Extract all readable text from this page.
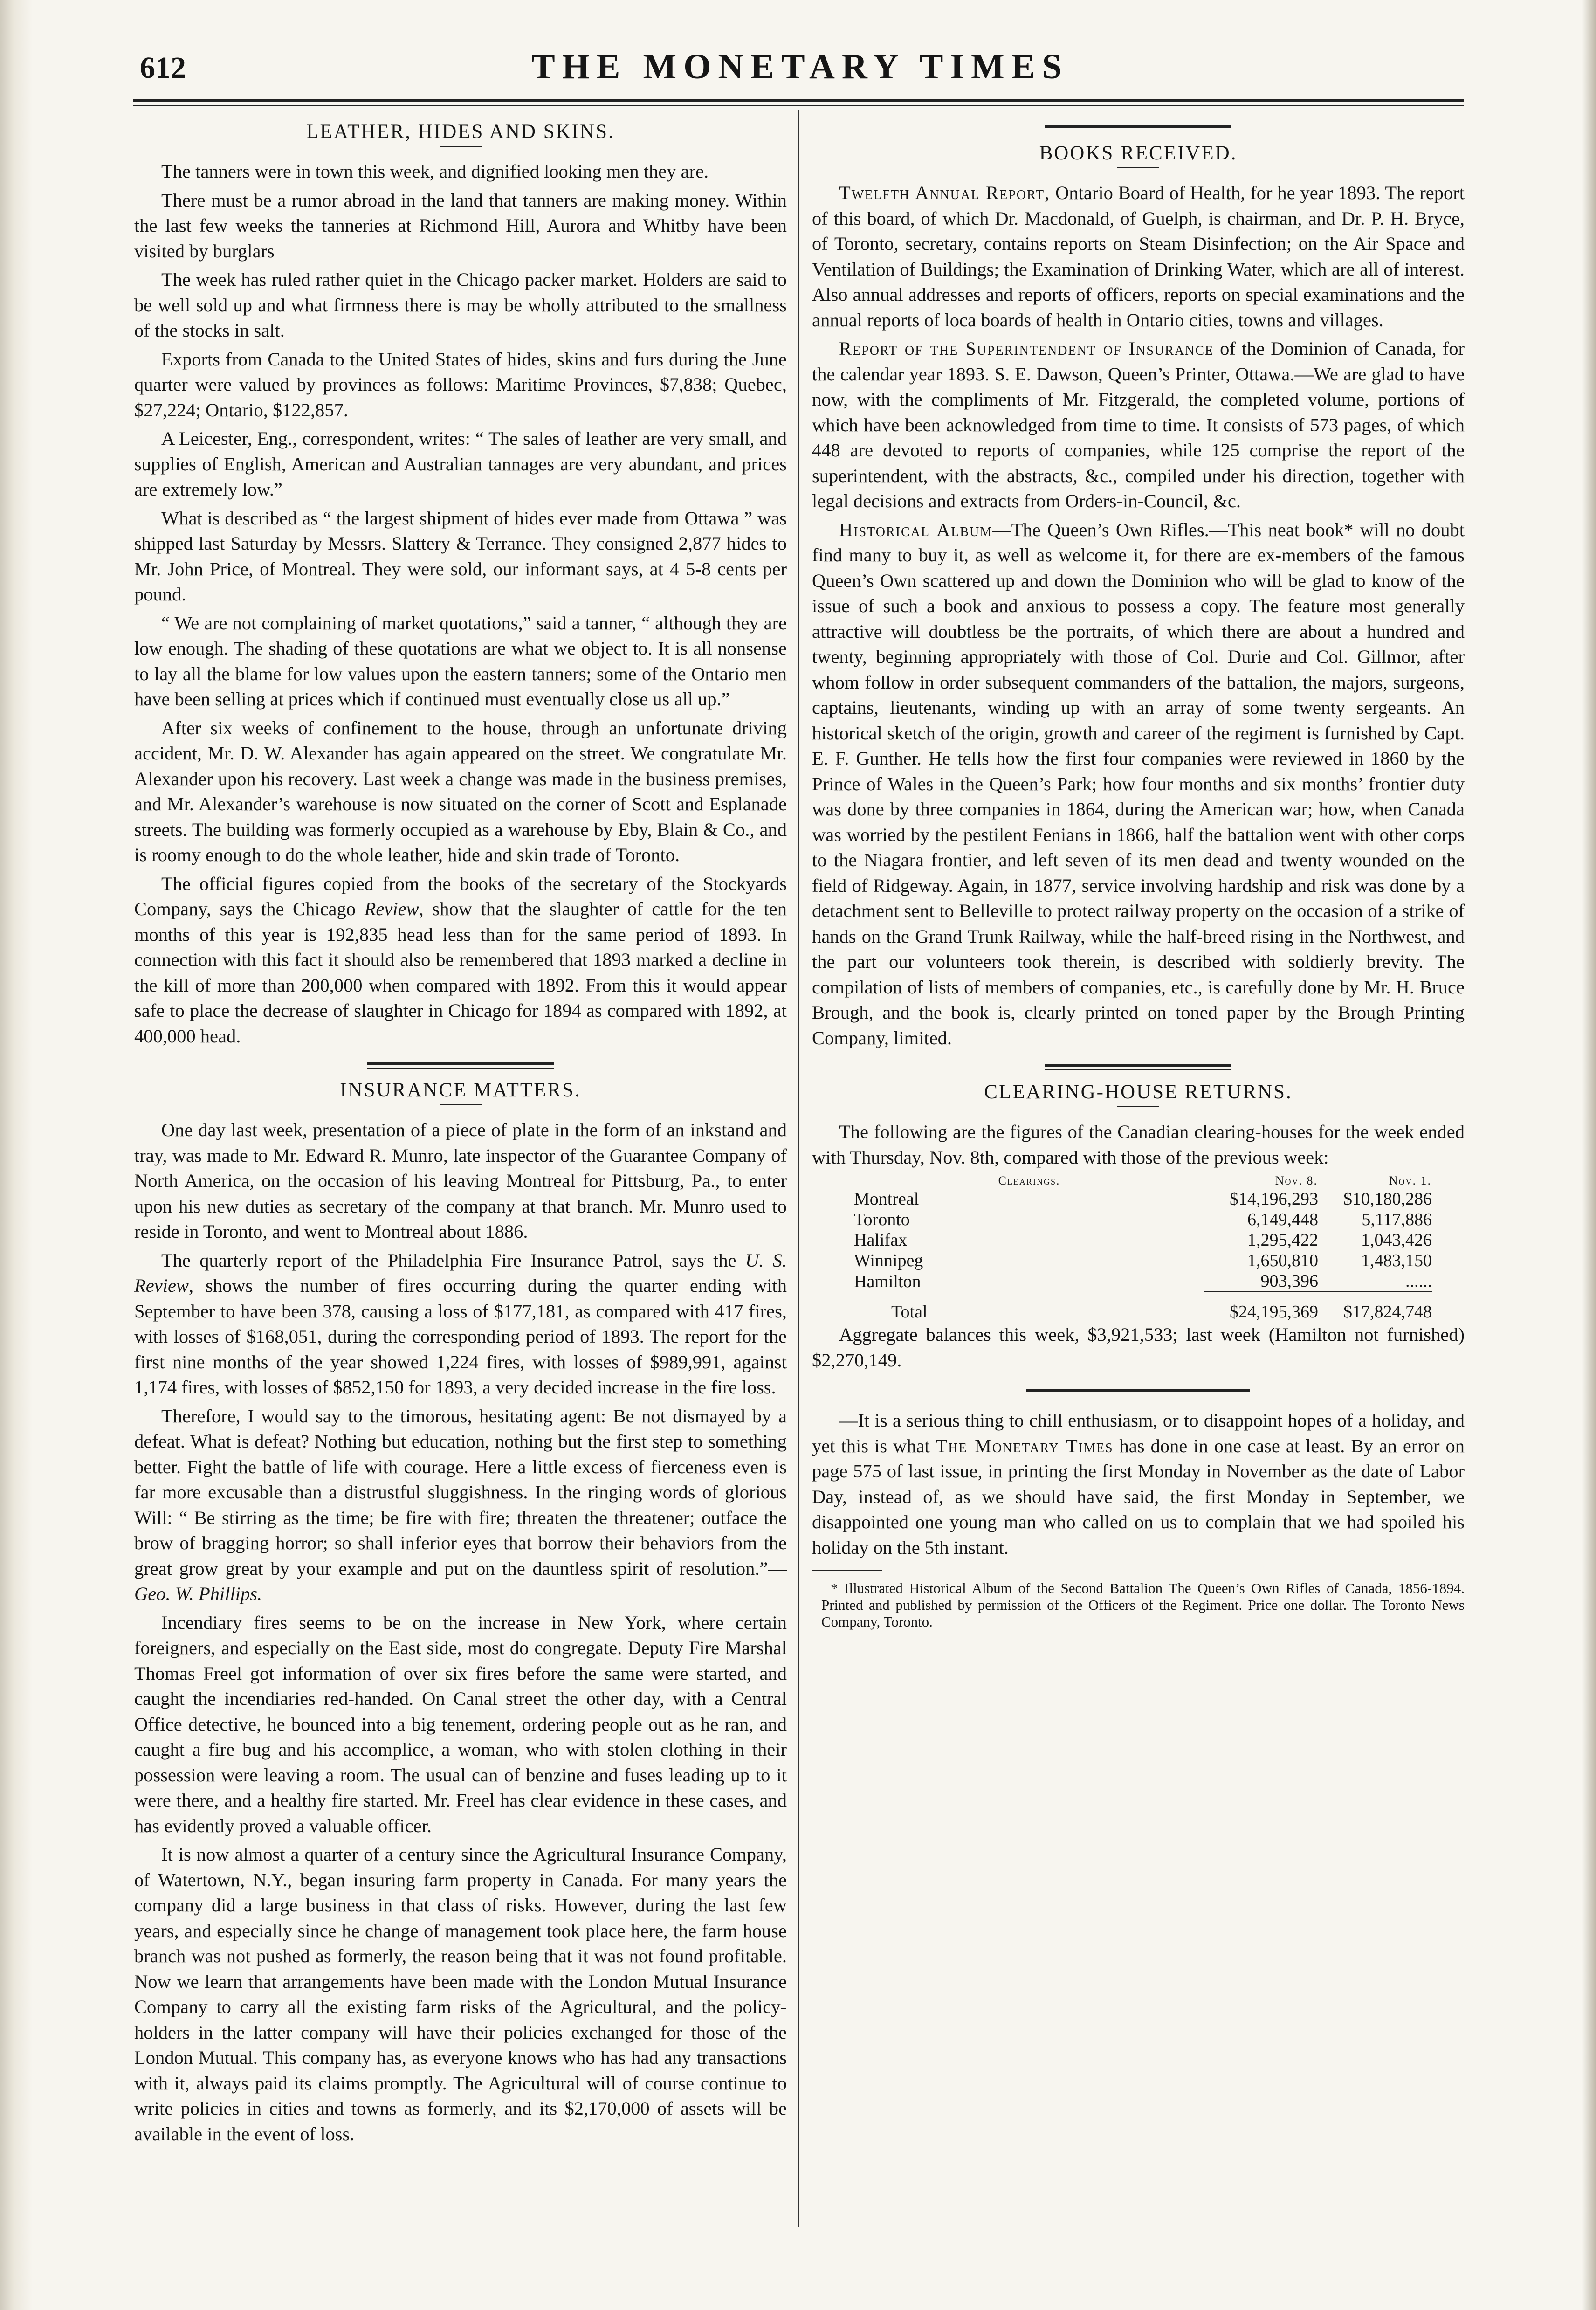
612	THE MONETARY TIMES
LEATHER, HIDES AND SKINS.

The tanners were in town this week, and dignified looking men they are.

There must be a rumor abroad in the land that tanners are making money. Within the last few weeks the tanneries at Richmond Hill, Aurora and Whitby have been visited by burglars

The week has ruled rather quiet in the Chicago packer market. Holders are said to be well sold up and what firmness there is may be wholly attributed to the smallness of the stocks in salt.

Exports from Canada to the United States of hides, skins and furs during the June quarter were valued by provinces as follows: Maritime Provinces, $7,838; Quebec, $27,224; Ontario, $122,857.

A Leicester, Eng., correspondent, writes: “ The sales of leather are very small, and supplies of English, American and Australian tannages are very abundant, and prices are extremely low.”

What is described as “ the largest shipment of hides ever made from Ottawa ” was shipped last Saturday by Messrs. Slattery & Terrance. They consigned 2,877 hides to Mr. John Price, of Montreal. They were sold, our informant says, at 4 5-8 cents per pound.

“ We are not complaining of market quotations,” said a tanner, “ although they are low enough. The shading of these quotations are what we object to. It is all nonsense to lay all the blame for low values upon the eastern tanners; some of the Ontario men have been selling at prices which if continued must eventually close us all up.”

After six weeks of confinement to the house, through an unfortunate driving accident, Mr. D. W. Alexander has again appeared on the street. We congratulate Mr. Alexander upon his recovery. Last week a change was made in the business premises, and Mr. Alexander’s warehouse is now situated on the corner of Scott and Esplanade streets. The building was formerly occupied as a warehouse by Eby, Blain & Co., and is roomy enough to do the whole leather, hide and skin trade of Toronto.

The official figures copied from the books of the secretary of the Stockyards Company, says the Chicago Review, show that the slaughter of cattle for the ten months of this year is 192,835 head less than for the same period of 1893. In connection with this fact it should also be remembered that 1893 marked a decline in the kill of more than 200,000 when compared with 1892. From this it would appear safe to place the decrease of slaughter in Chicago for 1894 as compared with 1892, at 400,000 head.

INSURANCE MATTERS.

One day last week, presentation of a piece of plate in the form of an inkstand and tray, was made to Mr. Edward R. Munro, late inspector of the Guarantee Company of North America, on the occasion of his leaving Montreal for Pittsburg, Pa., to enter upon his new duties as secretary of the company at that branch. Mr. Munro used to reside in Toronto, and went to Montreal about 1886.

The quarterly report of the Philadelphia Fire Insurance Patrol, says the U. S. Review, shows the number of fires occurring during the quarter ending with September to have been 378, causing a loss of $177,181, as compared with 417 fires, with losses of $168,051, during the corresponding period of 1893. The report for the first nine months of the year showed 1,224 fires, with losses of $989,991, against 1,174 fires, with losses of $852,150 for 1893, a very decided increase in the fire loss.

Therefore, I would say to the timorous, hesitating agent: Be not dismayed by a defeat. What is defeat? Nothing but education, nothing but the first step to something better. Fight the battle of life with courage. Here a little excess of fierceness even is far more excusable than a distrustful sluggishness. In the ringing words of glorious Will: “ Be stirring as the time; be fire with fire; threaten the threatener; outface the brow of bragging horror; so shall inferior eyes that borrow their behaviors from the great grow great by your example and put on the dauntless spirit of resolution.”—Geo. W. Phillips.

Incendiary fires seems to be on the increase in New York, where certain foreigners, and especially on the East side, most do congregate. Deputy Fire Marshal Thomas Freel got information of over six fires before the same were started, and caught the incendiaries red-handed. On Canal street the other day, with a Central Office detective, he bounced into a big tenement, ordering people out as he ran, and caught a fire bug and his accomplice, a woman, who with stolen clothing in their possession were leaving a room. The usual can of benzine and fuses leading up to it were there, and a healthy fire started. Mr. Freel has clear evidence in these cases, and has evidently proved a valuable officer.

It is now almost a quarter of a century since the Agricultural Insurance Company, of Watertown, N.Y., began insuring farm property in Canada. For many years the company did a large business in that class of risks. However, during the last few years, and especially since he change of management took place here, the farm house branch was not pushed as formerly, the reason being that it was not found profitable. Now we learn that arrangements have been made with the London Mutual Insurance Company to carry all the existing farm risks of the Agricultural, and the policy-holders in the latter company will have their policies exchanged for those of the London Mutual. This company has, as everyone knows who has had any transactions with it, always paid its claims promptly. The Agricultural will of course continue to write policies in cities and towns as formerly, and its $2,170,000 of assets will be available in the event of loss.

BOOKS RECEIVED.

Twelfth Annual Report, Ontario Board of Health, for he year 1893. The report of this board, of which Dr. Macdonald, of Guelph, is chairman, and Dr. P. H. Bryce, of Toronto, secretary, contains reports on Steam Disinfection; on the Air Space and Ventilation of Buildings; the Examination of Drinking Water, which are all of interest. Also annual addresses and reports of officers, reports on special examinations and the annual reports of loca boards of health in Ontario cities, towns and villages.

Report of the Superintendent of Insurance of the Dominion of Canada, for the calendar year 1893. S. E. Dawson, Queen’s Printer, Ottawa.—We are glad to have now, with the compliments of Mr. Fitzgerald, the completed volume, portions of which have been acknowledged from time to time. It consists of 573 pages, of which 448 are devoted to reports of companies, while 125 comprise the report of the superintendent, with the abstracts, &c., compiled under his direction, together with legal decisions and extracts from Orders-in-Council, &c.

Historical Album—The Queen’s Own Rifles.—This neat book* will no doubt find many to buy it, as well as welcome it, for there are ex-members of the famous Queen’s Own scattered up and down the Dominion who will be glad to know of the issue of such a book and anxious to possess a copy. The feature most generally attractive will doubtless be the portraits, of which there are about a hundred and twenty, beginning appropriately with those of Col. Durie and Col. Gillmor, after whom follow in order subsequent commanders of the battalion, the majors, surgeons, captains, lieutenants, winding up with an array of some twenty sergeants. An historical sketch of the origin, growth and career of the regiment is furnished by Capt. E. F. Gunther. He tells how the first four companies were reviewed in 1860 by the Prince of Wales in the Queen’s Park; how four months and six months’ frontier duty was done by three companies in 1864, during the American war; how, when Canada was worried by the pestilent Fenians in 1866, half the battalion went with other corps to the Niagara frontier, and left seven of its men dead and twenty wounded on the field of Ridgeway. Again, in 1877, service involving hardship and risk was done by a detachment sent to Belleville to protect railway property on the occasion of a strike of hands on the Grand Trunk Railway, while the half-breed rising in the Northwest, and the part our volunteers took therein, is described with soldierly brevity. The compilation of lists of members of companies, etc., is carefully done by Mr. H. Bruce Brough, and the book is, clearly printed on toned paper by the Brough Printing Company, limited.

CLEARING-HOUSE RETURNS.

The following are the figures of the Canadian clearing-houses for the week ended with Thursday, Nov. 8th, compared with those of the previous week:

Clearings.	Nov. 8.	Nov. 1.
Montreal	$14,196,293	$10,180,286
Toronto	6,149,448	5,117,886
Halifax	1,295,422	1,043,426
Winnipeg	1,650,810	1,483,150
Hamilton	903,396	......

Total	$24,195,369	$17,824,748

Aggregate balances this week, $3,921,533; last week (Hamilton not furnished) $2,270,149.

—It is a serious thing to chill enthusiasm, or to disappoint hopes of a holiday, and yet this is what The Monetary Times has done in one case at least. By an error on page 575 of last issue, in printing the first Monday in November as the date of Labor Day, instead of, as we should have said, the first Monday in September, we disappointed one young man who called on us to complain that we had spoiled his holiday on the 5th instant.

* Illustrated Historical Album of the Second Battalion The Queen’s Own Rifles of Canada, 1856-1894. Printed and published by permission of the Officers of the Regiment. Price one dollar. The Toronto News Company, Toronto.
